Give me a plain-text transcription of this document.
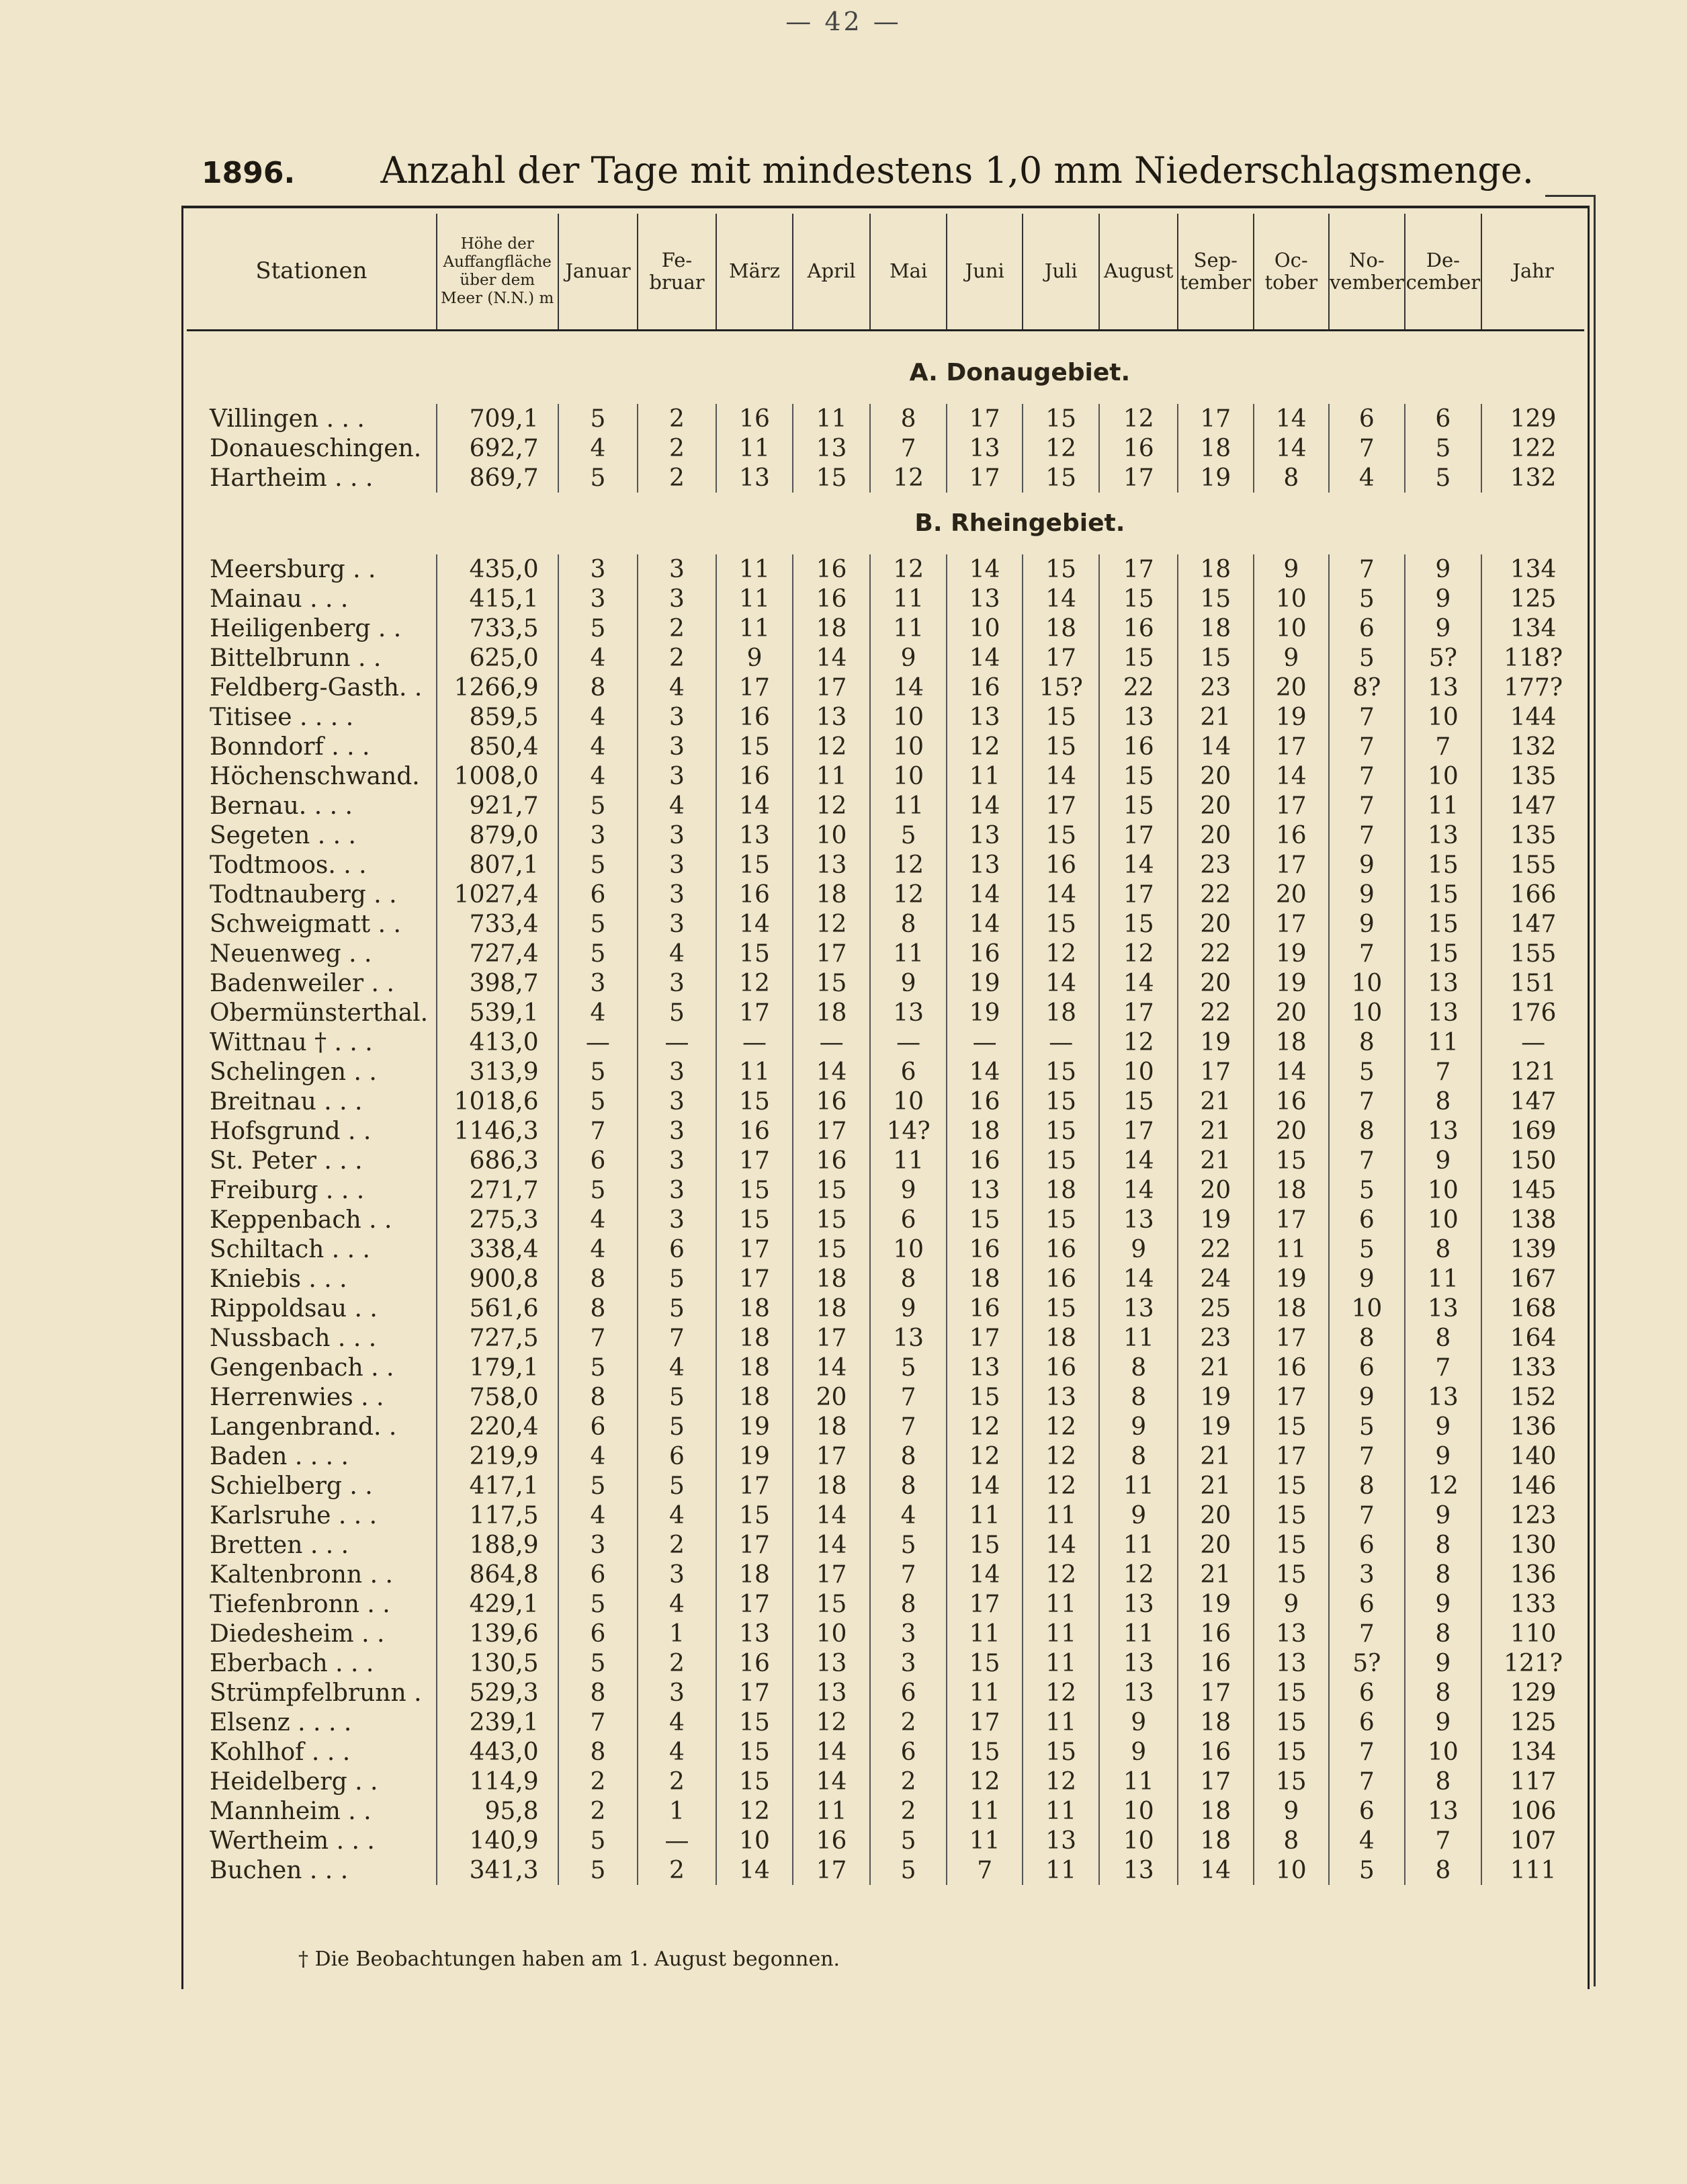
— 42 —
1896. Anzahl der Tage mit mindestens 1,0 mm Niederschlagsmenge.
Stationen	Höhe der Auffangfläche über dem Meer (N.N.) m	Januar	Fe- bruar	März	April	Mai	Juni	Juli	August	Sep- tember	Oc- tober	No- vember	De- cember	Jahr

		A. Donaugebiet.												

Villingen . . .	709,1	5	2	16	11	8	17	15	12	17	14	6	6	129
Donaueschingen.	692,7	4	2	11	13	7	13	12	16	18	14	7	5	122
Hartheim . . .	869,7	5	2	13	15	12	17	15	17	19	8	4	5	132
		B. Rheingebiet.												

Meersburg . .	435,0	3	3	11	16	12	14	15	17	18	9	7	9	134
Mainau . . .	415,1	3	3	11	16	11	13	14	15	15	10	5	9	125
Heiligenberg . .	733,5	5	2	11	18	11	10	18	16	18	10	6	9	134
Bittelbrunn . .	625,0	4	2	9	14	9	14	17	15	15	9	5	5?	118?
Feldberg-Gasth. .	1266,9	8	4	17	17	14	16	15?	22	23	20	8?	13	177?
Titisee . . . .	859,5	4	3	16	13	10	13	15	13	21	19	7	10	144
Bonndorf . . .	850,4	4	3	15	12	10	12	15	16	14	17	7	7	132
Höchenschwand.	1008,0	4	3	16	11	10	11	14	15	20	14	7	10	135
Bernau. . . .	921,7	5	4	14	12	11	14	17	15	20	17	7	11	147
Segeten . . .	879,0	3	3	13	10	5	13	15	17	20	16	7	13	135
Todtmoos. . .	807,1	5	3	15	13	12	13	16	14	23	17	9	15	155
Todtnauberg . .	1027,4	6	3	16	18	12	14	14	17	22	20	9	15	166
Schweigmatt . .	733,4	5	3	14	12	8	14	15	15	20	17	9	15	147
Neuenweg . .	727,4	5	4	15	17	11	16	12	12	22	19	7	15	155
Badenweiler . .	398,7	3	3	12	15	9	19	14	14	20	19	10	13	151
Obermünsterthal.	539,1	4	5	17	18	13	19	18	17	22	20	10	13	176
Wittnau † . . .	413,0	—	—	—	—	—	—	—	12	19	18	8	11	—
Schelingen . .	313,9	5	3	11	14	6	14	15	10	17	14	5	7	121
Breitnau . . .	1018,6	5	3	15	16	10	16	15	15	21	16	7	8	147
Hofsgrund . .	1146,3	7	3	16	17	14?	18	15	17	21	20	8	13	169
St. Peter . . .	686,3	6	3	17	16	11	16	15	14	21	15	7	9	150
Freiburg . . .	271,7	5	3	15	15	9	13	18	14	20	18	5	10	145
Keppenbach . .	275,3	4	3	15	15	6	15	15	13	19	17	6	10	138
Schiltach . . .	338,4	4	6	17	15	10	16	16	9	22	11	5	8	139
Kniebis . . .	900,8	8	5	17	18	8	18	16	14	24	19	9	11	167
Rippoldsau . .	561,6	8	5	18	18	9	16	15	13	25	18	10	13	168
Nussbach . . .	727,5	7	7	18	17	13	17	18	11	23	17	8	8	164
Gengenbach . .	179,1	5	4	18	14	5	13	16	8	21	16	6	7	133
Herrenwies . .	758,0	8	5	18	20	7	15	13	8	19	17	9	13	152
Langenbrand. .	220,4	6	5	19	18	7	12	12	9	19	15	5	9	136
Baden . . . .	219,9	4	6	19	17	8	12	12	8	21	17	7	9	140
Schielberg . .	417,1	5	5	17	18	8	14	12	11	21	15	8	12	146
Karlsruhe . . .	117,5	4	4	15	14	4	11	11	9	20	15	7	9	123
Bretten . . .	188,9	3	2	17	14	5	15	14	11	20	15	6	8	130
Kaltenbronn . .	864,8	6	3	18	17	7	14	12	12	21	15	3	8	136
Tiefenbronn . .	429,1	5	4	17	15	8	17	11	13	19	9	6	9	133
Diedesheim . .	139,6	6	1	13	10	3	11	11	11	16	13	7	8	110
Eberbach . . .	130,5	5	2	16	13	3	15	11	13	16	13	5?	9	121?
Strümpfelbrunn .	529,3	8	3	17	13	6	11	12	13	17	15	6	8	129
Elsenz . . . .	239,1	7	4	15	12	2	17	11	9	18	15	6	9	125
Kohlhof . . .	443,0	8	4	15	14	6	15	15	9	16	15	7	10	134
Heidelberg . .	114,9	2	2	15	14	2	12	12	11	17	15	7	8	117
Mannheim . .	95,8	2	1	12	11	2	11	11	10	18	9	6	13	106
Wertheim . . .	140,9	5	—	10	16	5	11	13	10	18	8	4	7	107
Buchen . . .	341,3	5	2	14	17	5	7	11	13	14	10	5	8	111

† Die Beobachtungen haben am 1. August begonnen.
